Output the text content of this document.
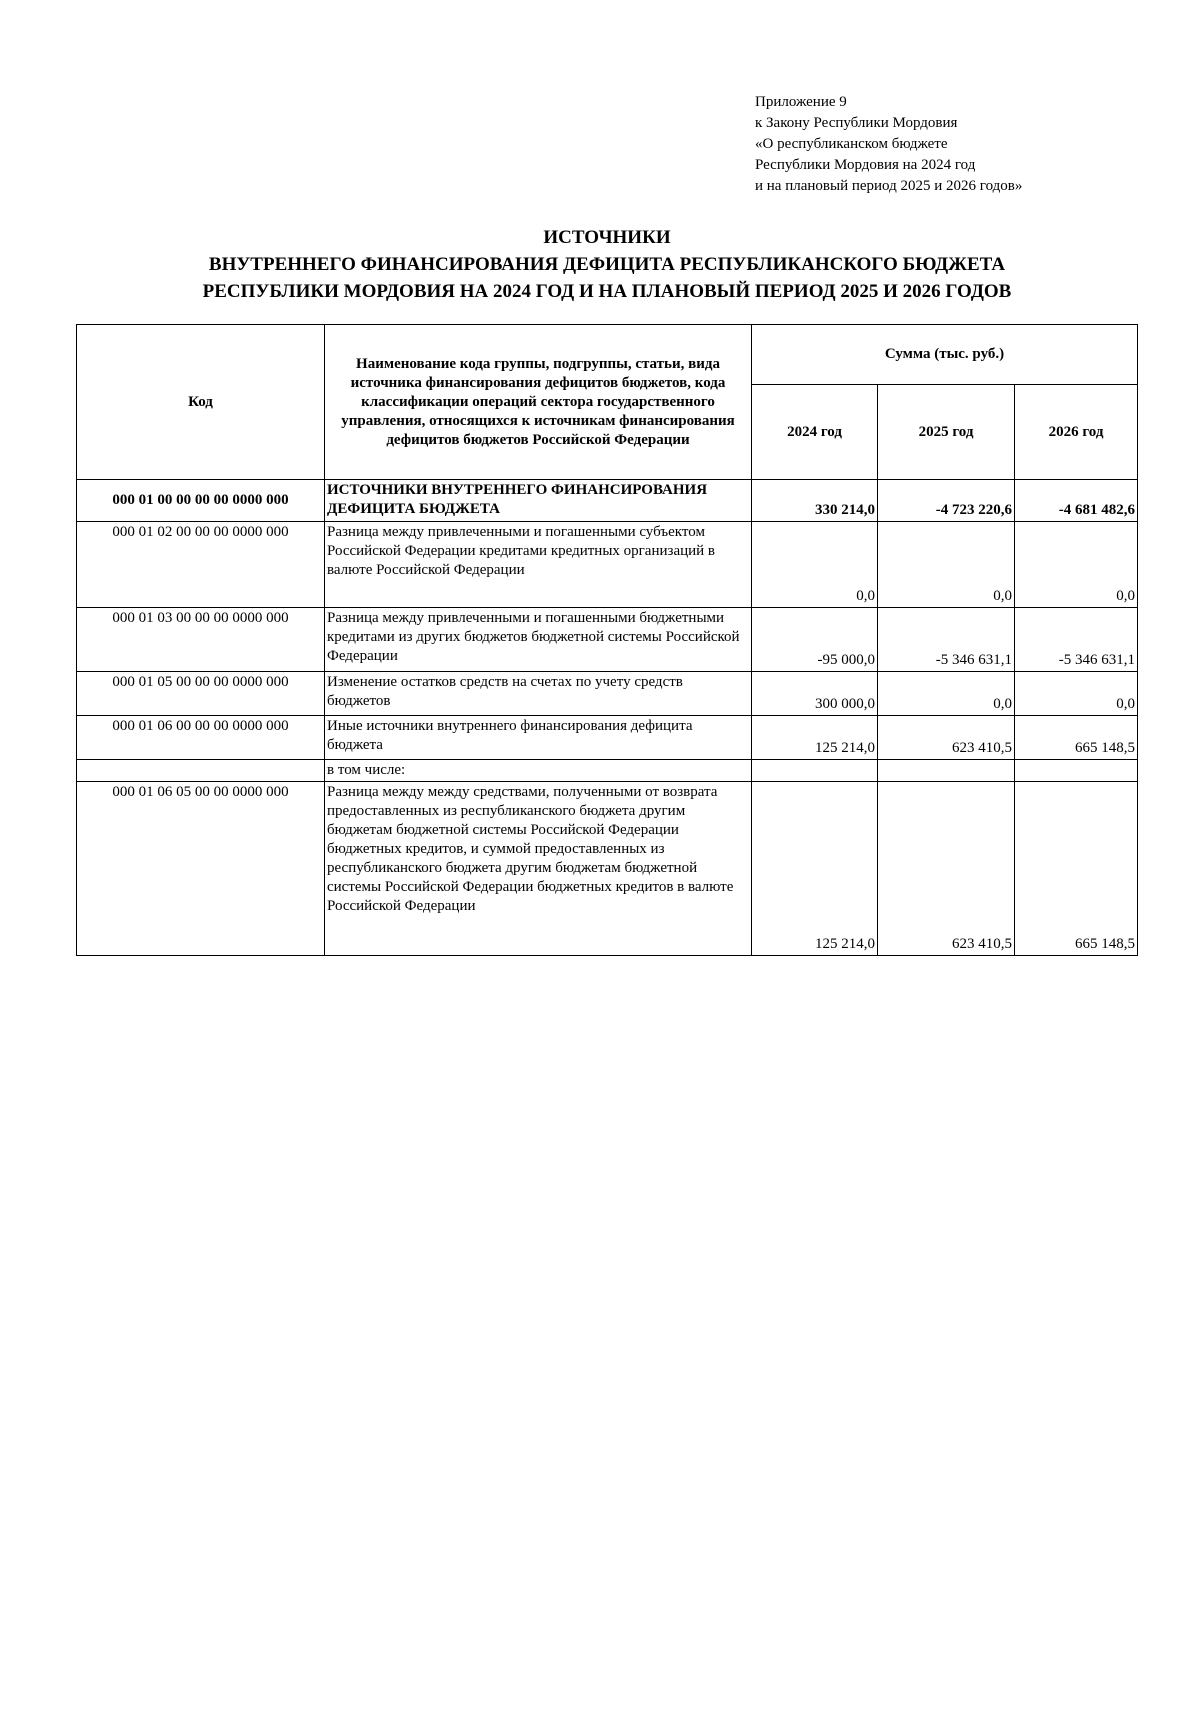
Приложение 9
к Закону Республики Мордовия
«О республиканском бюджете
Республики Мордовия на 2024 год
и на плановый период 2025 и 2026 годов»
ИСТОЧНИКИ
ВНУТРЕННЕГО ФИНАНСИРОВАНИЯ ДЕФИЦИТА РЕСПУБЛИКАНСКОГО БЮДЖЕТА
РЕСПУБЛИКИ МОРДОВИЯ НА 2024 ГОД И НА ПЛАНОВЫЙ ПЕРИОД 2025 И 2026 ГОДОВ
Код	Наименование кода группы, подгруппы, статьи, вида источника финансирования дефицитов бюджетов, кода классификации операций сектора государственного управления, относящихся к источникам финансирования дефицитов бюджетов Российской Федерации	Сумма (тыс. руб.)		
		2024 год	2025 год	2026 год
000 01 00 00 00 00 0000 000	ИСТОЧНИКИ ВНУТРЕННЕГО ФИНАНСИРОВАНИЯ ДЕФИЦИТА БЮДЖЕТА	330 214,0	-4 723 220,6	-4 681 482,6
000 01 02 00 00 00 0000 000	Разница между привлеченными и погашенными субъектом Российской Федерации кредитами кредитных организаций в валюте Российской Федерации	0,0	0,0	0,0
000 01 03 00 00 00 0000 000	Разница между привлеченными и погашенными бюджетными кредитами из других бюджетов бюджетной системы Российской Федерации	-95 000,0	-5 346 631,1	-5 346 631,1
000 01 05 00 00 00 0000 000	Изменение остатков средств на счетах по учету средств бюджетов	300 000,0	0,0	0,0
000 01 06 00 00 00 0000 000	Иные источники внутреннего финансирования дефицита бюджета	125 214,0	623 410,5	665 148,5
	в том числе:			
000 01 06 05 00 00 0000 000	Разница между между средствами, полученными от возврата предоставленных из республиканского бюджета другим бюджетам бюджетной системы Российской Федерации бюджетных кредитов, и суммой предоставленных из республиканского бюджета другим бюджетам бюджетной системы Российской Федерации бюджетных кредитов в валюте Российской Федерации	125 214,0	623 410,5	665 148,5
